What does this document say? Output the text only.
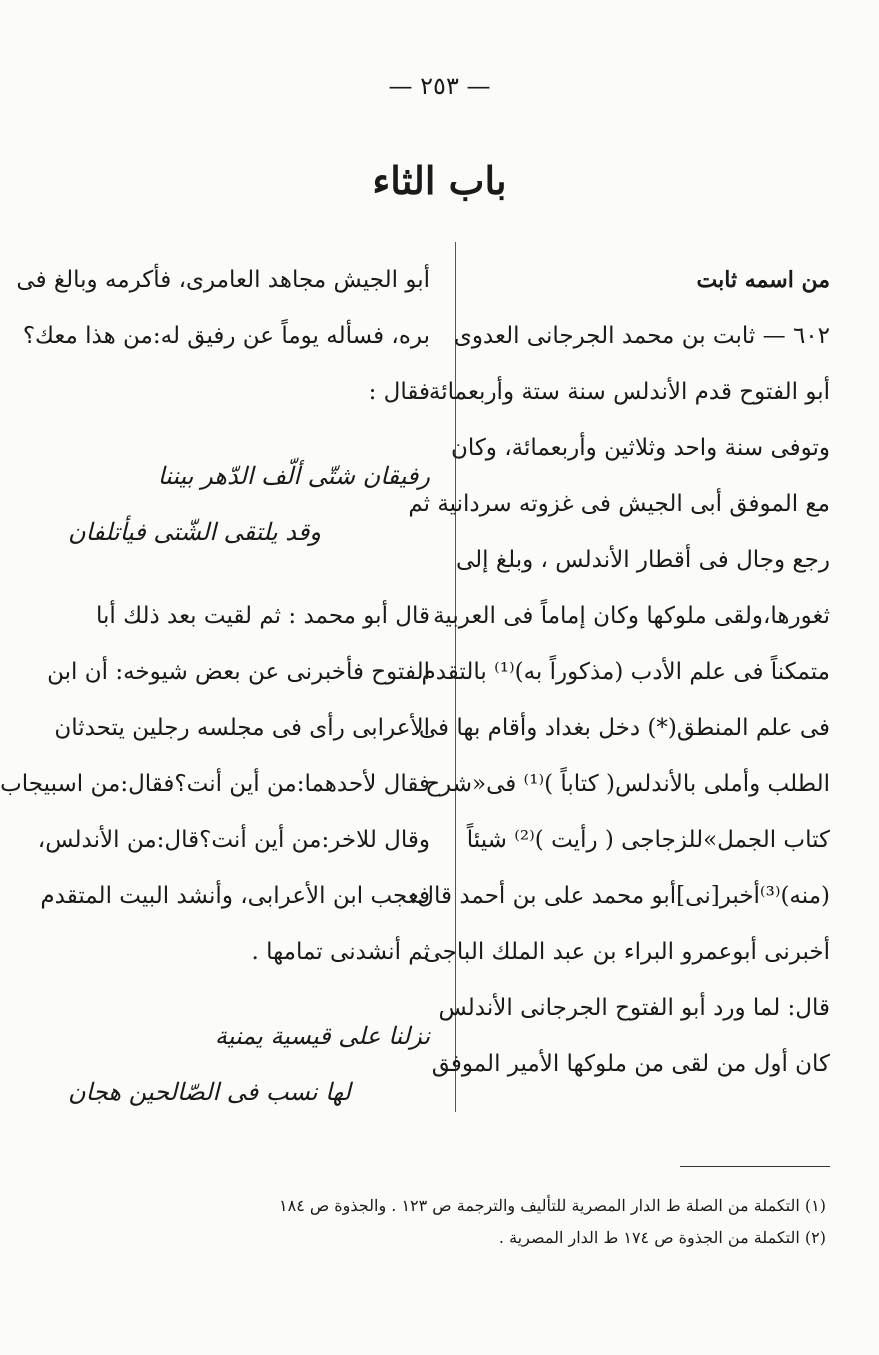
— ٢٥٣ —
باب الثاء
من اسمه ثابت
٦٠٢ — ثابت بن محمد الجرجانى العدوى
أبو الفتوح قدم الأندلس سنة ستة وأربعمائة
وتوفى سنة واحد وثلاثين وأربعمائة، وكان
مع الموفق أبى الجيش فى غزوته سردانية ثم
رجع وجال فى أقطار الأندلس ، وبلغ إلى
ثغورها،ولقى ملوكها وكان إماماً فى العربية
متمكناً فى علم الأدب (مذكوراً به)⁽¹⁾ بالتقدم
فى علم المنطق(*) دخل بغداد وأقام بها فى
الطلب وأملى بالأندلس( كتاباً )⁽¹⁾ فى«شرح
كتاب الجمل»للزجاجى ( رأيت )⁽²⁾ شيئاً
(منه)⁽³⁾أخبر[نى]أبو محمد على بن أحمد قال:
أخبرنى أبوعمرو البراء بن عبد الملك الباجى
قال: لما ورد أبو الفتوح الجرجانى الأندلس
كان أول من لقى من ملوكها الأمير الموفق
أبو الجيش مجاهد العامرى، فأكرمه وبالغ فى
بره، فسأله يوماً عن رفيق له:من هذا معك؟
فقال :
رفيقان شتّى ألّف الدّهر بيننا
وقد يلتقى الشّتى فيأتلفان
قال أبو محمد : ثم لقيت بعد ذلك أبا
الفتوح فأخبرنى عن بعض شيوخه: أن ابن
الأعرابى رأى فى مجلسه رجلين يتحدثان
فقال لأحدهما:من أين أنت؟فقال:من اسبيجاب
وقال للاخر:من أين أنت؟قال:من الأندلس،
فعجب ابن الأعرابى، وأنشد البيت المتقدم
ثم أنشدنى تمامها .
نزلنا على قيسية يمنية
لها نسب فى الصّالحين هجان
(١) التكملة من الصلة ط الدار المصرية للتأليف والترجمة ص ١٢٣ . والجذوة ص ١٨٤
(٢) التكملة من الجذوة ص ١٧٤ ط الدار المصرية .
